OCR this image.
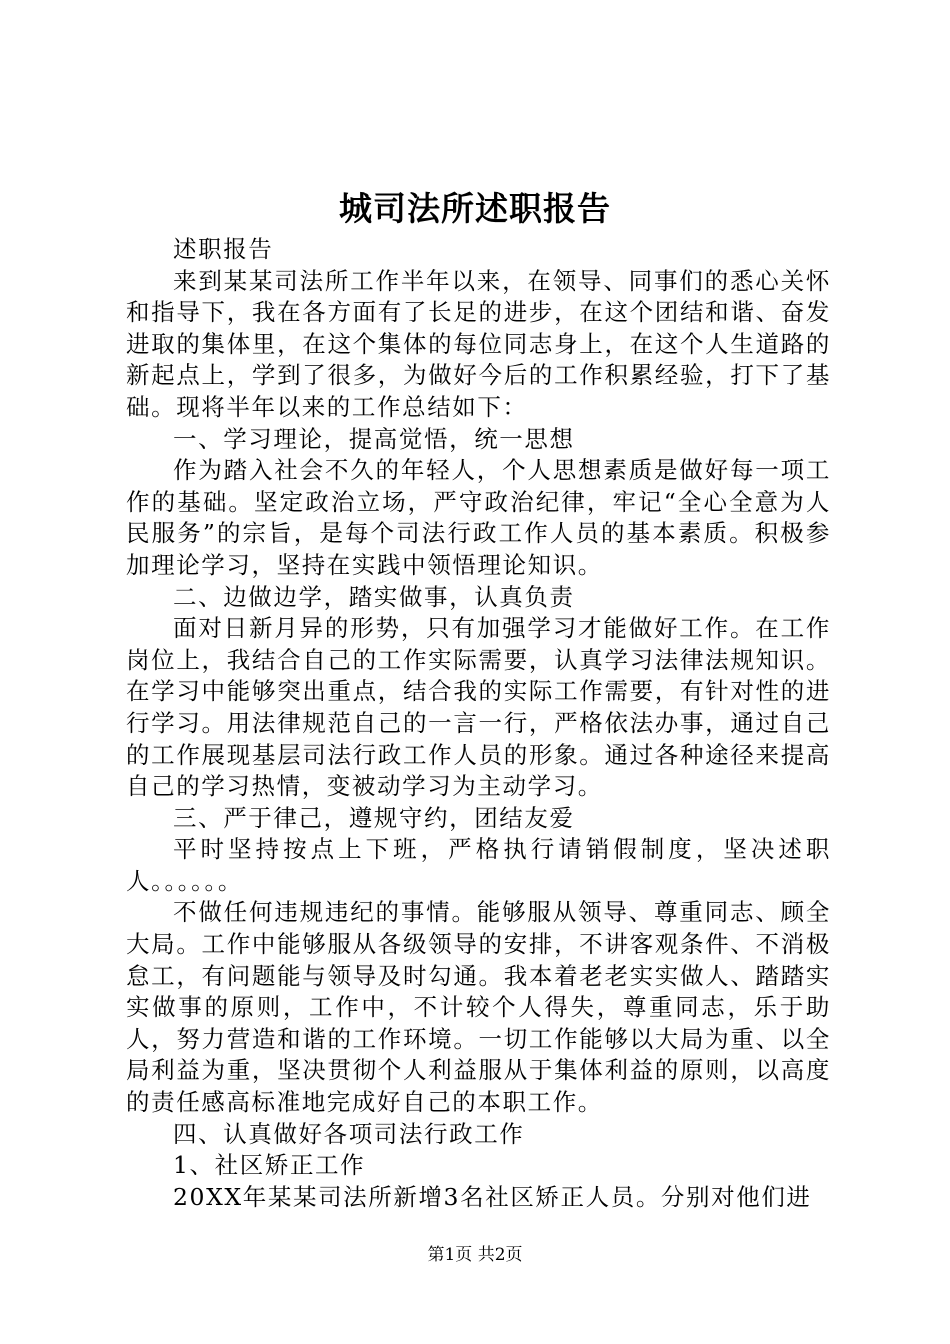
城司法所述职报告

述职报告

来到某某司法所工作半年以来，在领导、同事们的悉心关怀和指导下，我在各方面有了长足的进步，在这个团结和谐、奋发进取的集体里，在这个集体的每位同志身上，在这个人生道路的新起点上，学到了很多，为做好今后的工作积累经验，打下了基础。现将半年以来的工作总结如下：

一、学习理论，提高觉悟，统一思想

作为踏入社会不久的年轻人，个人思想素质是做好每一项工作的基础。坚定政治立场，严守政治纪律，牢记“全心全意为人民服务”的宗旨，是每个司法行政工作人员的基本素质。积极参加理论学习，坚持在实践中领悟理论知识。

二、边做边学，踏实做事，认真负责

面对日新月异的形势，只有加强学习才能做好工作。在工作岗位上，我结合自己的工作实际需要，认真学习法律法规知识。在学习中能够突出重点，结合我的实际工作需要，有针对性的进行学习。用法律规范自己的一言一行，严格依法办事，通过自己的工作展现基层司法行政工作人员的形象。通过各种途径来提高自己的学习热情，变被动学习为主动学习。

三、严于律己，遵规守约，团结友爱

平时坚持按点上下班，严格执行请销假制度，坚决述职人。。。。。。

不做任何违规违纪的事情。能够服从领导、尊重同志、顾全大局。工作中能够服从各级领导的安排，不讲客观条件、不消极怠工，有问题能与领导及时勾通。我本着老老实实做人、踏踏实实做事的原则，工作中，不计较个人得失，尊重同志，乐于助人，努力营造和谐的工作环境。一切工作能够以大局为重、以全局利益为重，坚决贯彻个人利益服从于集体利益的原则，以高度的责任感高标准地完成好自己的本职工作。

四、认真做好各项司法行政工作

1、社区矫正工作

20XX年某某司法所新增3名社区矫正人员。分别对他们进

第1页 共2页
